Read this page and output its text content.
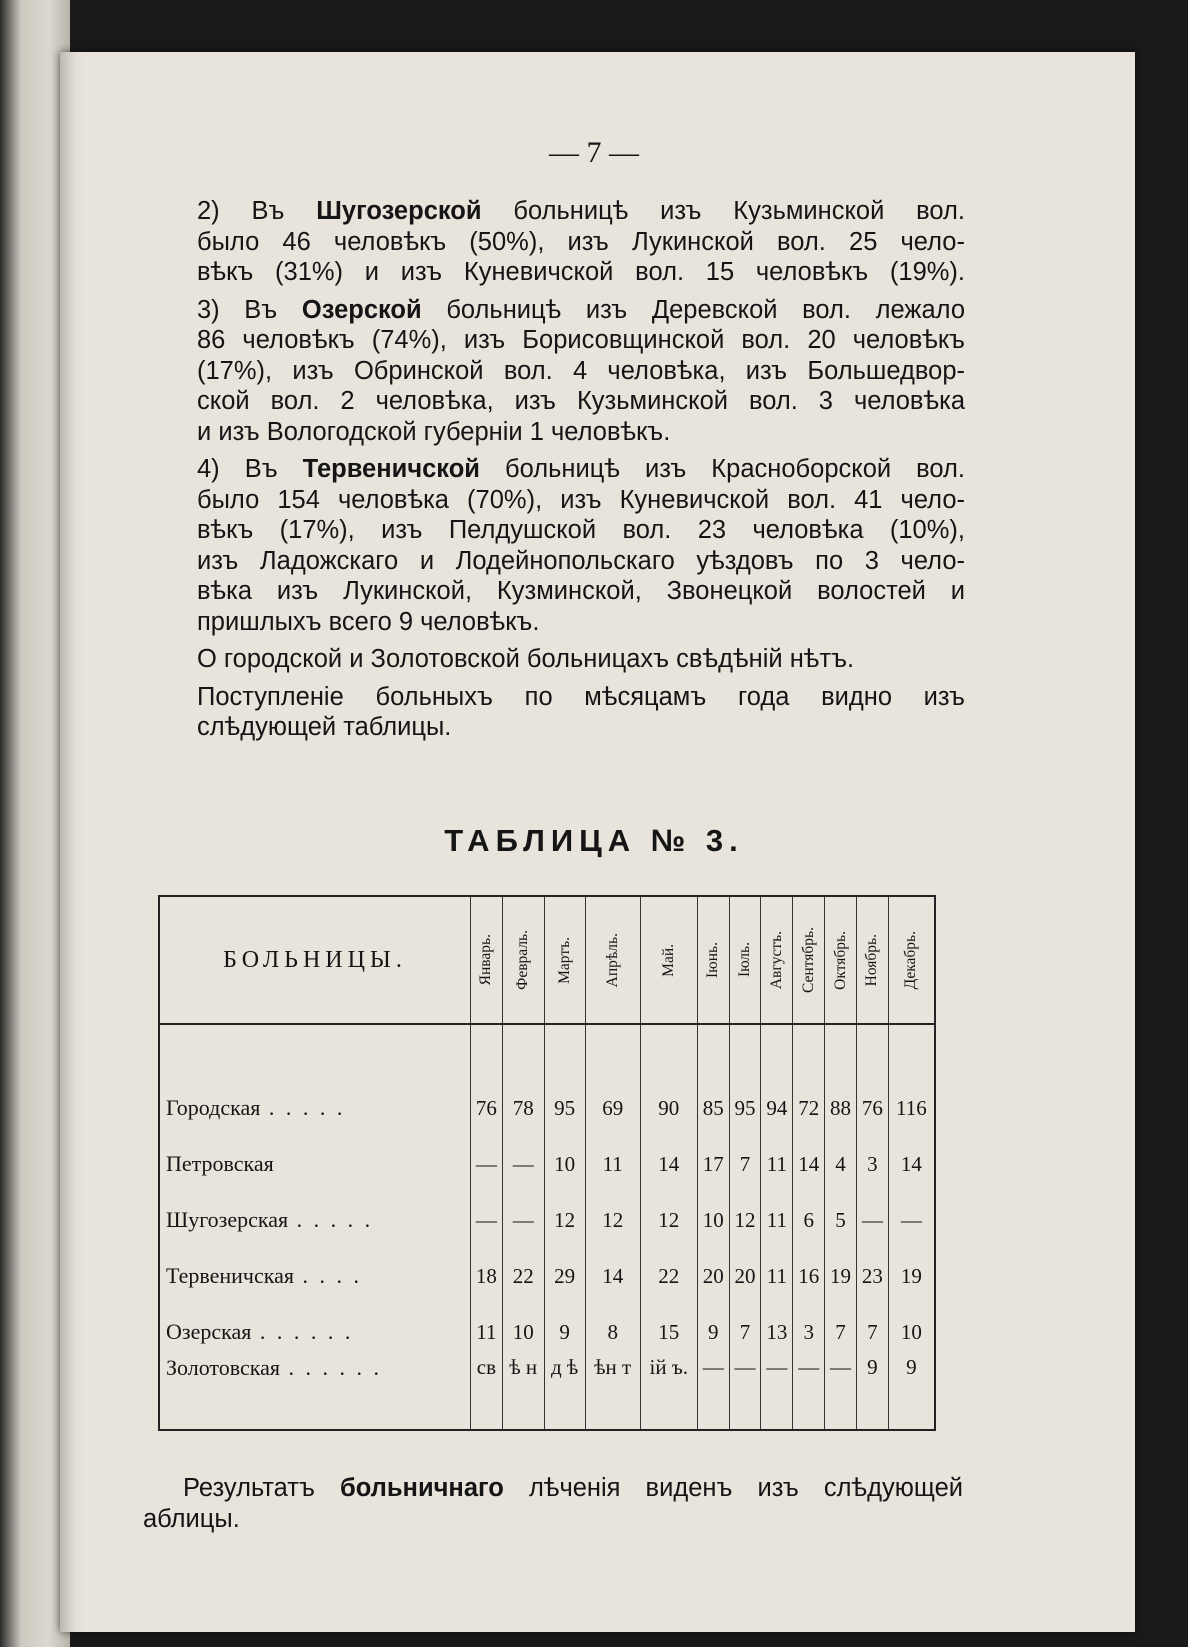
— 7 —

2) Въ Шугозерской больницѣ изъ Кузьминской вол.
было 46 человѣкъ (50%), изъ Лукинской вол. 25 чело-
вѣкъ (31%) и изъ Куневичской вол. 15 человѣкъ (19%).

3) Въ Озерской больницѣ изъ Деревской вол. лежало
86 человѣкъ (74%), изъ Борисовщинской вол. 20 человѣкъ
(17%), изъ Обринской вол. 4 человѣка, изъ Большедвор-
ской вол. 2 человѣка, изъ Кузьминской вол. 3 человѣка
и изъ Вологодской губерніи 1 человѣкъ.

4) Въ Тервеничской больницѣ изъ Красноборской вол.
было 154 человѣка (70%), изъ Куневичской вол. 41 чело-
вѣкъ (17%), изъ Пелдушской вол. 23 человѣка (10%),
изъ Ладожскаго и Лодейнопольскаго уѣздовъ по 3 чело-
вѣка изъ Лукинской, Кузминской, Звонецкой волостей и
пришлыхъ всего 9 человѣкъ.

О городской и Золотовской больницахъ свѣдѣній нѣтъ.

Поступленіе больныхъ по мѣсяцамъ года видно изъ
слѣдующей таблицы.

ТАБЛИЦА № 3.
БОЛЬНИЦЫ.	Январь.	Февраль.	Мартъ.	Апрѣль.	Май.	Іюнь.	Іюль.	Августъ.	Сентябрь.	Октябрь.	Ноябрь.	Декабрь.

Городская . . . . .	76	78	95	69	90	85	95	94	72	88	76	116
Петровская	—	—	10	11	14	17	7	11	14	4	3	14
Шугозерская . . . . .	—	—	12	12	12	10	12	11	6	5	—	—
Тервеничская . . . .	18	22	29	14	22	20	20	11	16	19	23	19
Озерская . . . . . .	11	10	9	8	15	9	7	13	3	7	7	10
Золотовская . . . . . .	св	ѣ н	д ѣ	ѣн т	ій ъ.	—	—	—	—	—	9	9
Результатъ больничнаго лѣченія виденъ изъ слѣдующей
аблицы.
